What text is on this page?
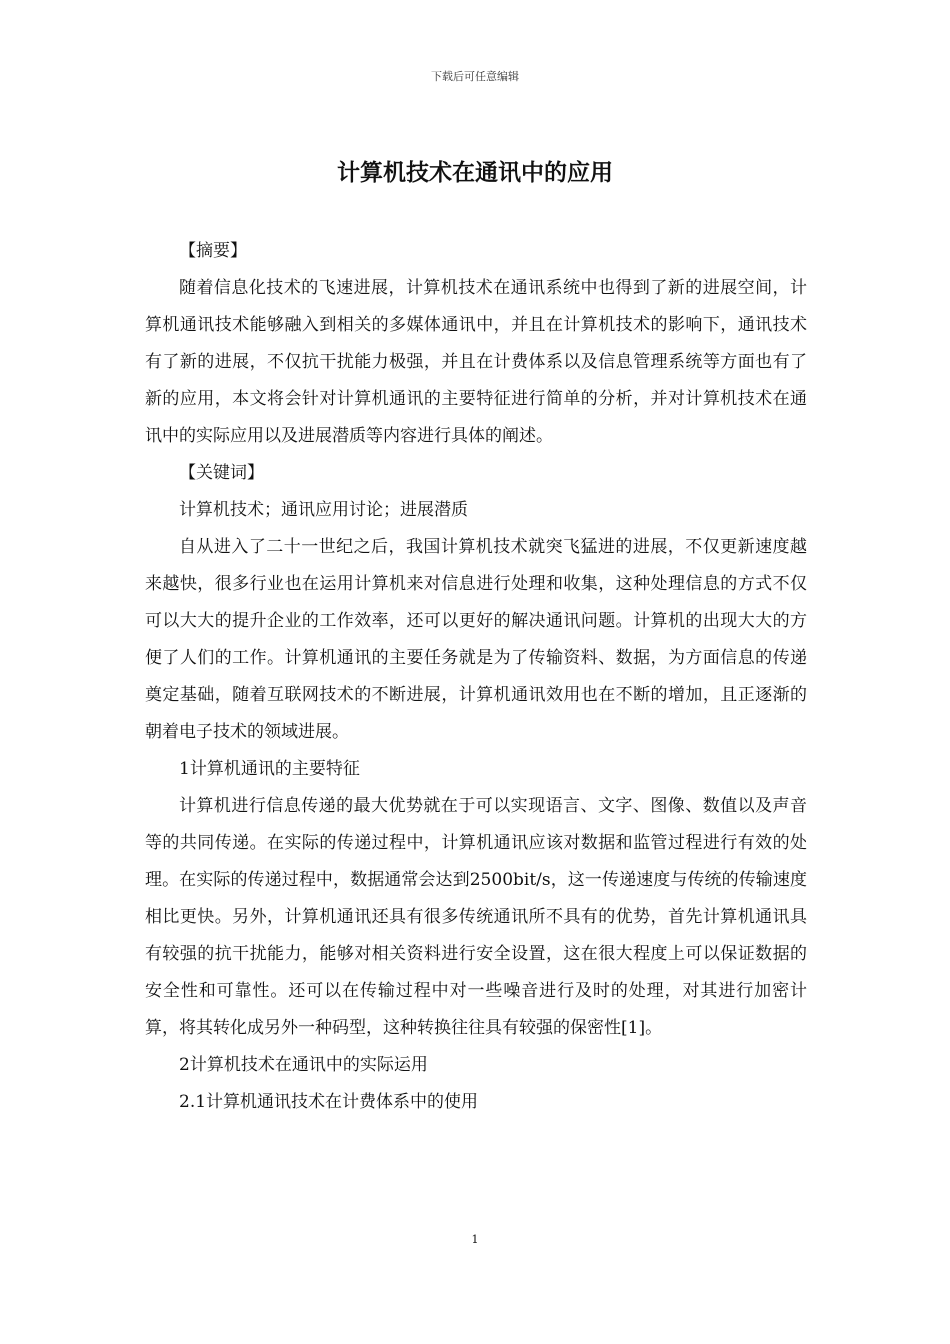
下载后可任意编辑
计算机技术在通讯中的应用

【摘要】

随着信息化技术的飞速进展，计算机技术在通讯系统中也得到了新的进展空间，计算机通讯技术能够融入到相关的多媒体通讯中，并且在计算机技术的影响下，通讯技术有了新的进展，不仅抗干扰能力极强，并且在计费体系以及信息管理系统等方面也有了新的应用，本文将会针对计算机通讯的主要特征进行简单的分析，并对计算机技术在通讯中的实际应用以及进展潜质等内容进行具体的阐述。

【关键词】

计算机技术；通讯应用讨论；进展潜质

自从进入了二十一世纪之后，我国计算机技术就突飞猛进的进展，不仅更新速度越来越快，很多行业也在运用计算机来对信息进行处理和收集，这种处理信息的方式不仅可以大大的提升企业的工作效率，还可以更好的解决通讯问题。计算机的出现大大的方便了人们的工作。计算机通讯的主要任务就是为了传输资料、数据，为方面信息的传递奠定基础，随着互联网技术的不断进展，计算机通讯效用也在不断的增加，且正逐渐的朝着电子技术的领域进展。

1计算机通讯的主要特征

计算机进行信息传递的最大优势就在于可以实现语言、文字、图像、数值以及声音等的共同传递。在实际的传递过程中，计算机通讯应该对数据和监管过程进行有效的处理。在实际的传递过程中，数据通常会达到2500bit/s，这一传递速度与传统的传输速度相比更快。另外，计算机通讯还具有很多传统通讯所不具有的优势，首先计算机通讯具有较强的抗干扰能力，能够对相关资料进行安全设置，这在很大程度上可以保证数据的安全性和可靠性。还可以在传输过程中对一些噪音进行及时的处理，对其进行加密计算，将其转化成另外一种码型，这种转换往往具有较强的保密性[1]。

2计算机技术在通讯中的实际运用

2.1计算机通讯技术在计费体系中的使用

1
